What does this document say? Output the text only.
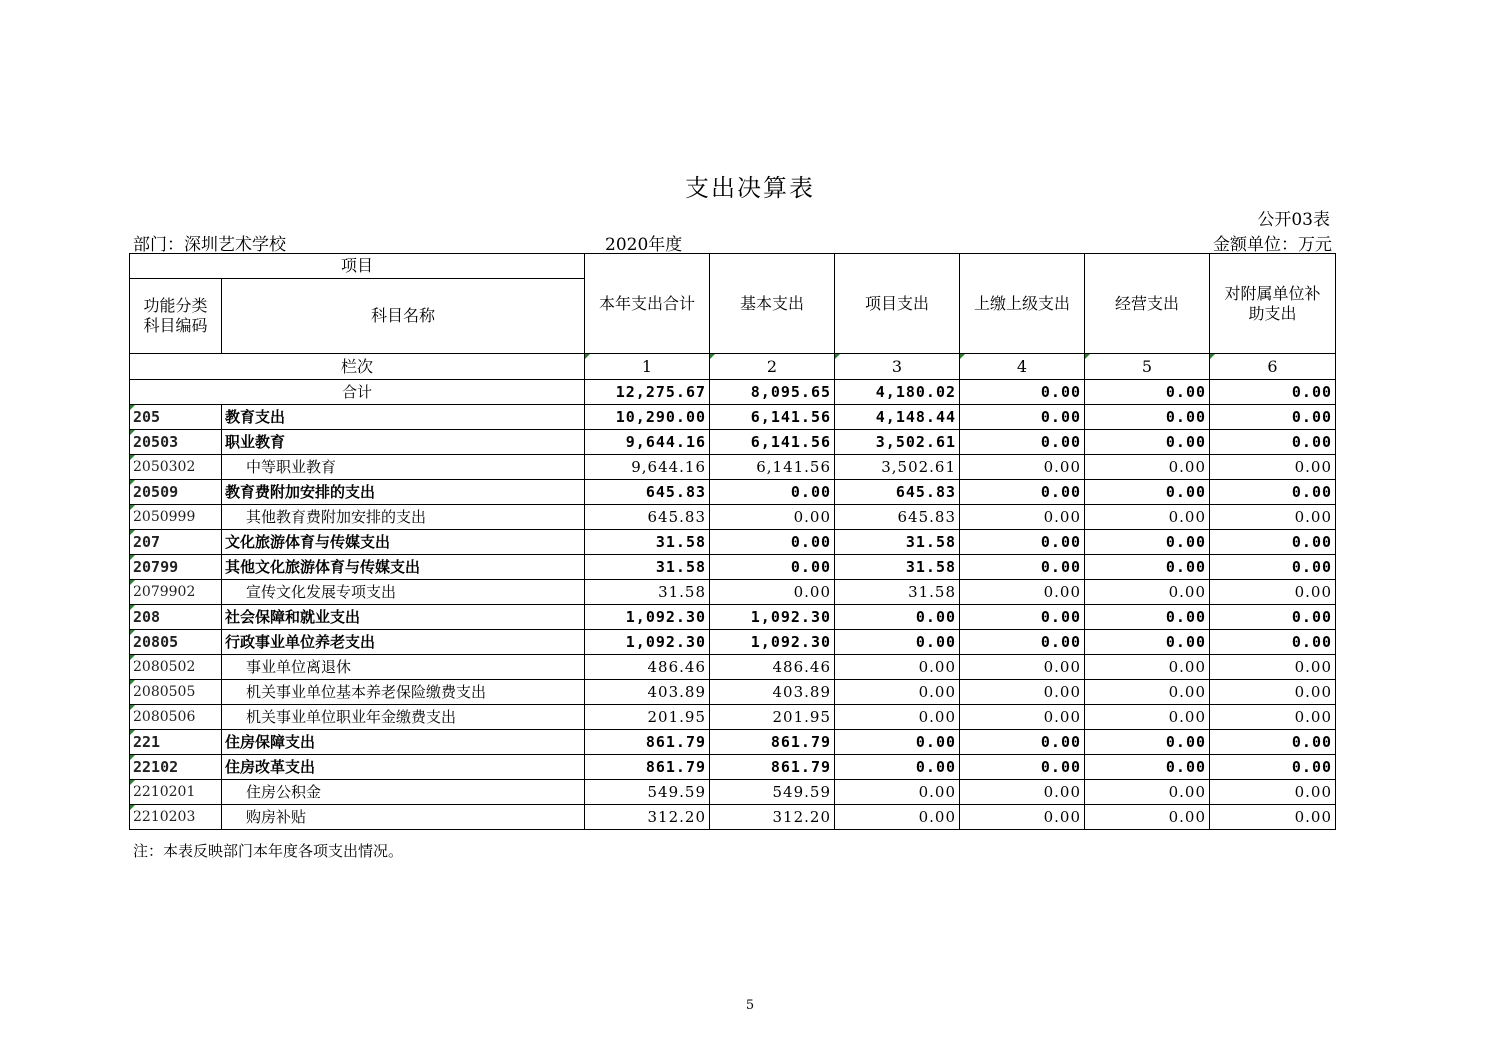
支出决算表
公开03表
部门：深圳艺术学校	2020年度	金额单位：万元
项目		本年支出合计	基本支出	项目支出	上缴上级支出	经营支出	对附属单位补
助支出

功能分类
科目编码	科目名称						
栏次		1	2	3	4	5	6
合计		12,275.67	8,095.65	4,180.02	0.00	0.00	0.00
205	教育支出	10,290.00	6,141.56	4,148.44	0.00	0.00	0.00
20503	职业教育	9,644.16	6,141.56	3,502.61	0.00	0.00	0.00
2050302	中等职业教育	9,644.16	6,141.56	3,502.61	0.00	0.00	0.00
20509	教育费附加安排的支出	645.83	0.00	645.83	0.00	0.00	0.00
2050999	其他教育费附加安排的支出	645.83	0.00	645.83	0.00	0.00	0.00
207	文化旅游体育与传媒支出	31.58	0.00	31.58	0.00	0.00	0.00
20799	其他文化旅游体育与传媒支出	31.58	0.00	31.58	0.00	0.00	0.00
2079902	宣传文化发展专项支出	31.58	0.00	31.58	0.00	0.00	0.00
208	社会保障和就业支出	1,092.30	1,092.30	0.00	0.00	0.00	0.00
20805	行政事业单位养老支出	1,092.30	1,092.30	0.00	0.00	0.00	0.00
2080502	事业单位离退休	486.46	486.46	0.00	0.00	0.00	0.00
2080505	机关事业单位基本养老保险缴费支出	403.89	403.89	0.00	0.00	0.00	0.00
2080506	机关事业单位职业年金缴费支出	201.95	201.95	0.00	0.00	0.00	0.00
221	住房保障支出	861.79	861.79	0.00	0.00	0.00	0.00
22102	住房改革支出	861.79	861.79	0.00	0.00	0.00	0.00
2210201	住房公积金	549.59	549.59	0.00	0.00	0.00	0.00
2210203	购房补贴	312.20	312.20	0.00	0.00	0.00	0.00
注：本表反映部门本年度各项支出情况。
5
